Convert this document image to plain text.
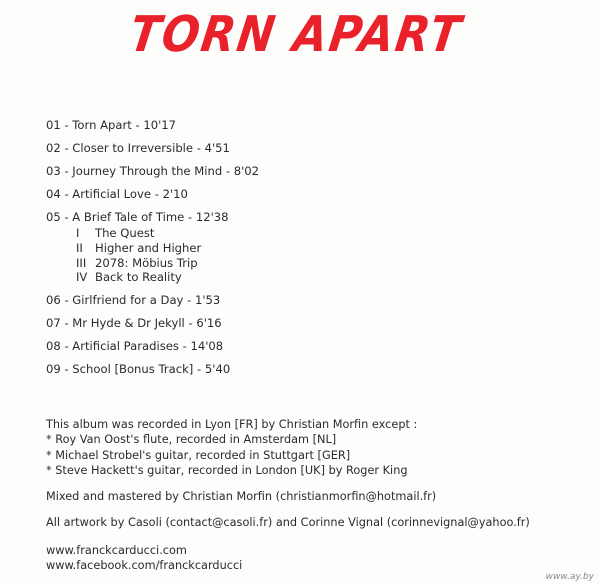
TORN APART
01 - Torn Apart - 10'17
02 - Closer to Irreversible - 4'51
03 - Journey Through the Mind - 8'02
04 - Artificial Love - 2'10
05 - A Brief Tale of Time - 12'38
I The Quest
II Higher and Higher
III 2078: Möbius Trip
IV Back to Reality
06 - Girlfriend for a Day - 1'53
07 - Mr Hyde & Dr Jekyll - 6'16
08 - Artificial Paradises - 14'08
09 - School [Bonus Track] - 5'40
This album was recorded in Lyon [FR] by Christian Morfin except :
* Roy Van Oost's flute, recorded in Amsterdam [NL]
* Michael Strobel's guitar, recorded in Stuttgart [GER]
* Steve Hackett's guitar, recorded in London [UK] by Roger King
Mixed and mastered by Christian Morfin (christianmorfin@hotmail.fr)
All artwork by Casoli (contact@casoli.fr) and Corinne Vignal (corinnevignal@yahoo.fr)
www.franckcarducci.com
www.facebook.com/franckcarducci
www.ay.by
